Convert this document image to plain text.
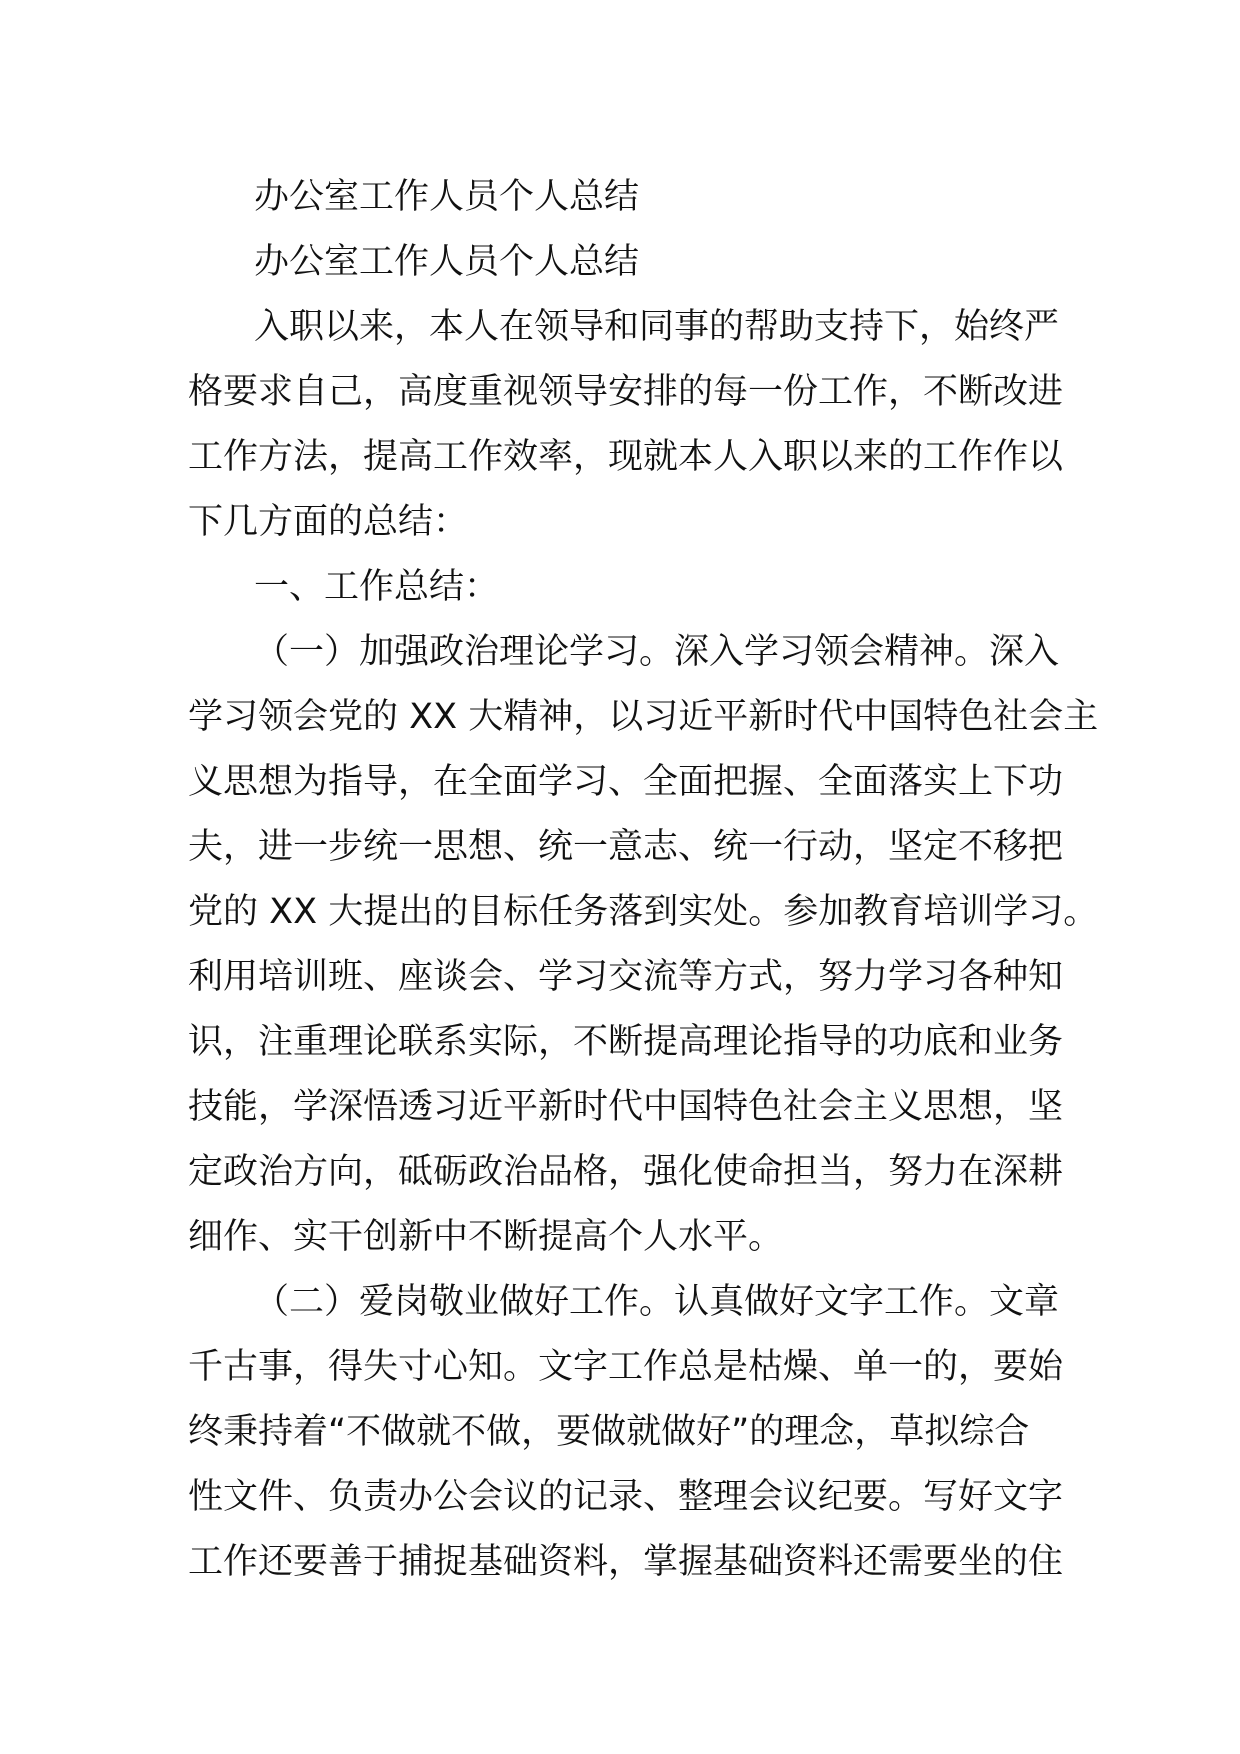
办公室工作人员个人总结
办公室工作人员个人总结
入职以来，本人在领导和同事的帮助支持下，始终严
格要求自己，高度重视领导安排的每一份工作，不断改进
工作方法，提高工作效率，现就本人入职以来的工作作以
下几方面的总结：
一、工作总结：
（一）加强政治理论学习。深入学习领会精神。深入
学习领会党的 XX 大精神，以习近平新时代中国特色社会主
义思想为指导，在全面学习、全面把握、全面落实上下功
夫，进一步统一思想、统一意志、统一行动，坚定不移把
党的 XX 大提出的目标任务落到实处。参加教育培训学习。
利用培训班、座谈会、学习交流等方式，努力学习各种知
识，注重理论联系实际，不断提高理论指导的功底和业务
技能，学深悟透习近平新时代中国特色社会主义思想，坚
定政治方向，砥砺政治品格，强化使命担当，努力在深耕
细作、实干创新中不断提高个人水平。
（二）爱岗敬业做好工作。认真做好文字工作。文章
千古事，得失寸心知。文字工作总是枯燥、单一的，要始
终秉持着“不做就不做，要做就做好”的理念，草拟综合
性文件、负责办公会议的记录、整理会议纪要。写好文字
工作还要善于捕捉基础资料，掌握基础资料还需要坐的住
